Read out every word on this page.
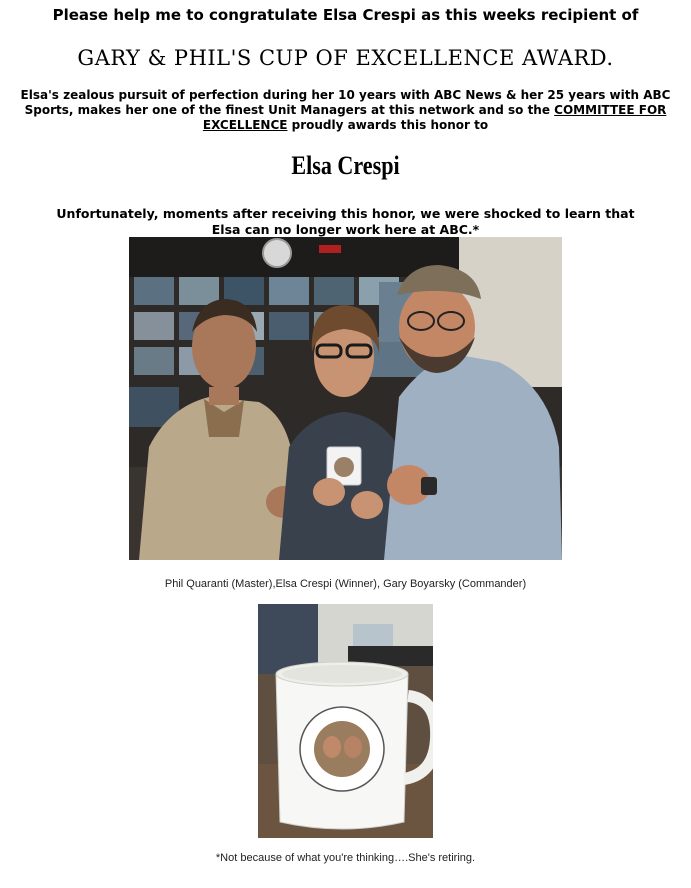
Please help me to congratulate Elsa Crespi as this weeks recipient of
GARY & PHIL'S CUP OF EXCELLENCE AWARD.
Elsa's zealous pursuit of perfection during her 10 years with ABC News & her 25 years with ABC Sports, makes her one of the finest Unit Managers at this network and so the COMMITTEE FOR EXCELLENCE proudly awards this honor to
Elsa Crespi
Unfortunately, moments after receiving this honor, we were shocked to learn that Elsa can no longer work here at ABC.*
Phil Quaranti (Master),Elsa Crespi (Winner), Gary Boyarsky (Commander)
*Not because of what you're thinking….She's retiring.
